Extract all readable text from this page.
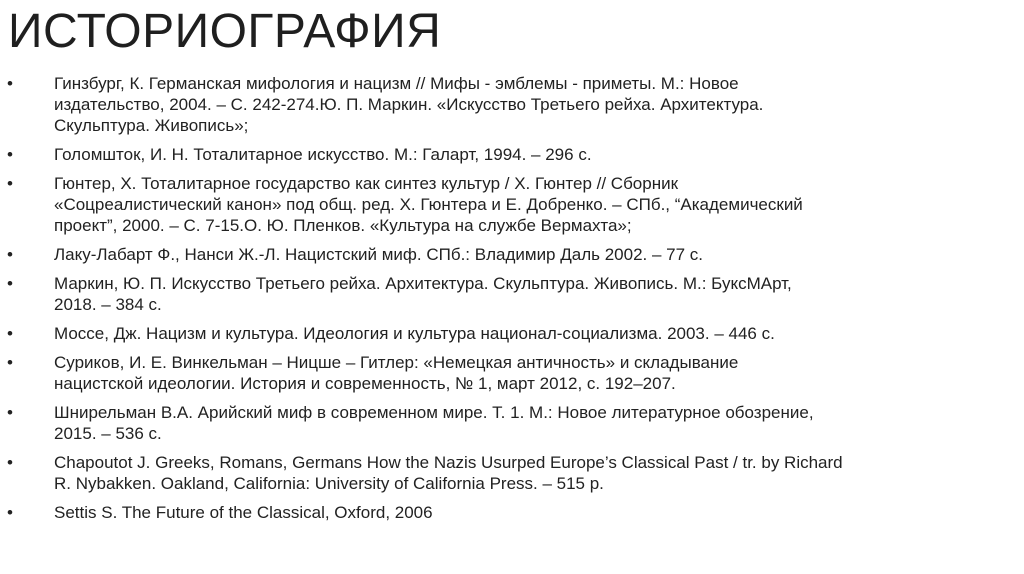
ИСТОРИОГРАФИЯ
• Гинзбург, К. Германская мифология и нацизм // Мифы - эмблемы - приметы. М.: Новое
издательство, 2004. – С. 242-274.Ю. П. Маркин. «Искусство Третьего рейха. Архитектура.
Скульптура. Живопись»;
• Голомшток, И. Н. Тоталитарное искусство. М.: Галарт, 1994. – 296 с.
• Гюнтер, Х. Тоталитарное государство как синтез культур / Х. Гюнтер // Сборник
«Соцреалистический канон» под общ. ред. Х. Гюнтера и Е. Добренко. – СПб., “Академический
проект”, 2000. – С. 7-15.О. Ю. Пленков. «Культура на службе Вермахта»;
• Лаку-Лабарт Ф., Нанси Ж.-Л. Нацистский миф. СПб.: Владимир Даль 2002. – 77 с.
• Маркин, Ю. П. Искусство Третьего рейха. Архитектура. Скульптура. Живопись. М.: БуксМАрт,
2018. – 384 с.
• Моссе, Дж. Нацизм и культура. Идеология и культура национал-социализма. 2003. – 446 с.
• Суриков, И. Е. Винкельман – Ницше – Гитлер: «Немецкая античность» и складывание
нацистской идеологии. История и современность, № 1, март 2012, с. 192–207.
• Шнирельман В.А. Арийский миф в современном мире. Т. 1. М.: Новое литературное обозрение,
2015. – 536 с.
• Chapoutot J. Greeks, Romans, Germans How the Nazis Usurped Europe’s Classical Past / tr. by Richard
R. Nybakken. Oakland, California: University of California Press. – 515 p.
• Settis S. The Future of the Classical, Oxford, 2006
